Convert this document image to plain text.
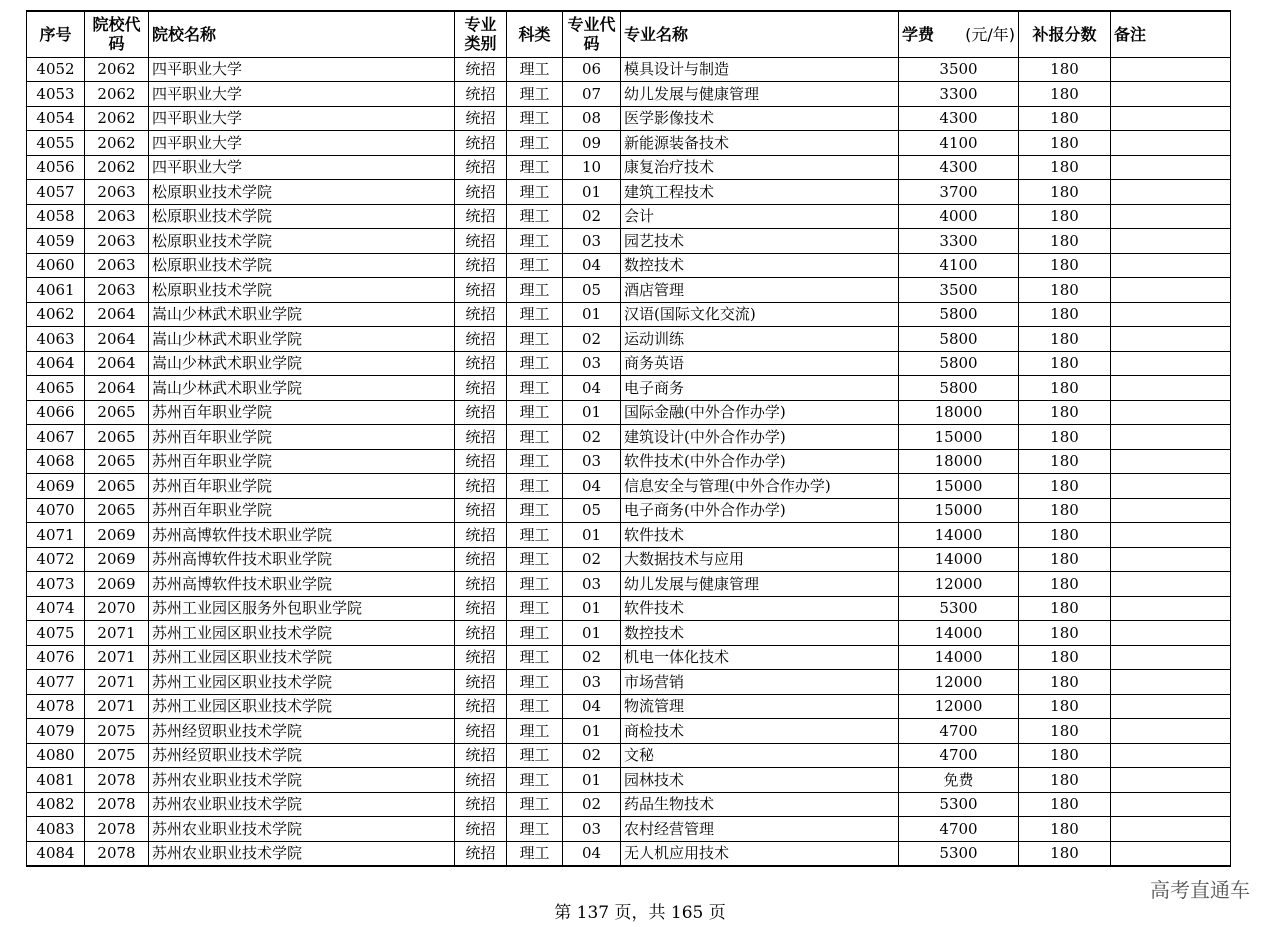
序号	院校代码	院校名称	专业类别	科类	专业代码	专业名称	学费 (元/年)	补报分数	备注
4052	2062	四平职业大学	统招	理工	06	模具设计与制造	3500	180	
4053	2062	四平职业大学	统招	理工	07	幼儿发展与健康管理	3300	180	
4054	2062	四平职业大学	统招	理工	08	医学影像技术	4300	180	
4055	2062	四平职业大学	统招	理工	09	新能源装备技术	4100	180	
4056	2062	四平职业大学	统招	理工	10	康复治疗技术	4300	180	
4057	2063	松原职业技术学院	统招	理工	01	建筑工程技术	3700	180	
4058	2063	松原职业技术学院	统招	理工	02	会计	4000	180	
4059	2063	松原职业技术学院	统招	理工	03	园艺技术	3300	180	
4060	2063	松原职业技术学院	统招	理工	04	数控技术	4100	180	
4061	2063	松原职业技术学院	统招	理工	05	酒店管理	3500	180	
4062	2064	嵩山少林武术职业学院	统招	理工	01	汉语(国际文化交流)	5800	180	
4063	2064	嵩山少林武术职业学院	统招	理工	02	运动训练	5800	180	
4064	2064	嵩山少林武术职业学院	统招	理工	03	商务英语	5800	180	
4065	2064	嵩山少林武术职业学院	统招	理工	04	电子商务	5800	180	
4066	2065	苏州百年职业学院	统招	理工	01	国际金融(中外合作办学)	18000	180	
4067	2065	苏州百年职业学院	统招	理工	02	建筑设计(中外合作办学)	15000	180	
4068	2065	苏州百年职业学院	统招	理工	03	软件技术(中外合作办学)	18000	180	
4069	2065	苏州百年职业学院	统招	理工	04	信息安全与管理(中外合作办学)	15000	180	
4070	2065	苏州百年职业学院	统招	理工	05	电子商务(中外合作办学)	15000	180	
4071	2069	苏州高博软件技术职业学院	统招	理工	01	软件技术	14000	180	
4072	2069	苏州高博软件技术职业学院	统招	理工	02	大数据技术与应用	14000	180	
4073	2069	苏州高博软件技术职业学院	统招	理工	03	幼儿发展与健康管理	12000	180	
4074	2070	苏州工业园区服务外包职业学院	统招	理工	01	软件技术	5300	180	
4075	2071	苏州工业园区职业技术学院	统招	理工	01	数控技术	14000	180	
4076	2071	苏州工业园区职业技术学院	统招	理工	02	机电一体化技术	14000	180	
4077	2071	苏州工业园区职业技术学院	统招	理工	03	市场营销	12000	180	
4078	2071	苏州工业园区职业技术学院	统招	理工	04	物流管理	12000	180	
4079	2075	苏州经贸职业技术学院	统招	理工	01	商检技术	4700	180	
4080	2075	苏州经贸职业技术学院	统招	理工	02	文秘	4700	180	
4081	2078	苏州农业职业技术学院	统招	理工	01	园林技术	免费	180	
4082	2078	苏州农业职业技术学院	统招	理工	02	药品生物技术	5300	180	
4083	2078	苏州农业职业技术学院	统招	理工	03	农村经营管理	4700	180	
4084	2078	苏州农业职业技术学院	统招	理工	04	无人机应用技术	5300	180	
高考直通车
第 137 页，共 165 页
